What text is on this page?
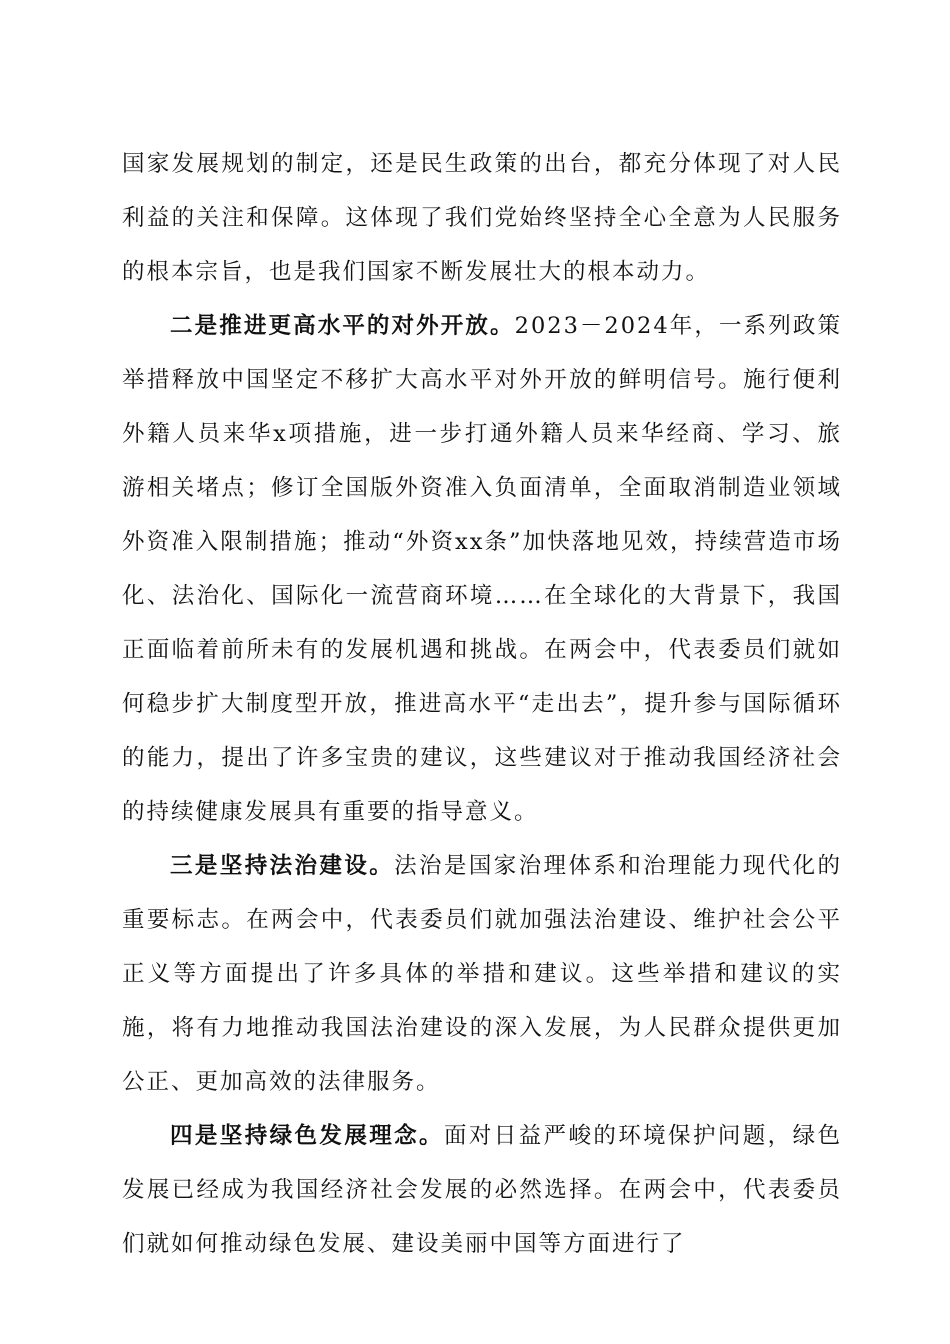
国家发展规划的制定，还是民生政策的出台，都充分体现了对人民利益的关注和保障。这体现了我们党始终坚持全心全意为人民服务的根本宗旨，也是我们国家不断发展壮大的根本动力。

二是推进更高水平的对外开放。2023－2024年，一系列政策举措释放中国坚定不移扩大高水平对外开放的鲜明信号。施行便利外籍人员来华x项措施，进一步打通外籍人员来华经商、学习、旅游相关堵点；修订全国版外资准入负面清单，全面取消制造业领域外资准入限制措施；推动“外资xx条”加快落地见效，持续营造市场化、法治化、国际化一流营商环境……在全球化的大背景下，我国正面临着前所未有的发展机遇和挑战。在两会中，代表委员们就如何稳步扩大制度型开放，推进高水平“走出去”，提升参与国际循环的能力，提出了许多宝贵的建议，这些建议对于推动我国经济社会的持续健康发展具有重要的指导意义。

三是坚持法治建设。法治是国家治理体系和治理能力现代化的重要标志。在两会中，代表委员们就加强法治建设、维护社会公平正义等方面提出了许多具体的举措和建议。这些举措和建议的实施，将有力地推动我国法治建设的深入发展，为人民群众提供更加公正、更加高效的法律服务。

四是坚持绿色发展理念。面对日益严峻的环境保护问题，绿色发展已经成为我国经济社会发展的必然选择。在两会中，代表委员们就如何推动绿色发展、建设美丽中国等方面进行了
